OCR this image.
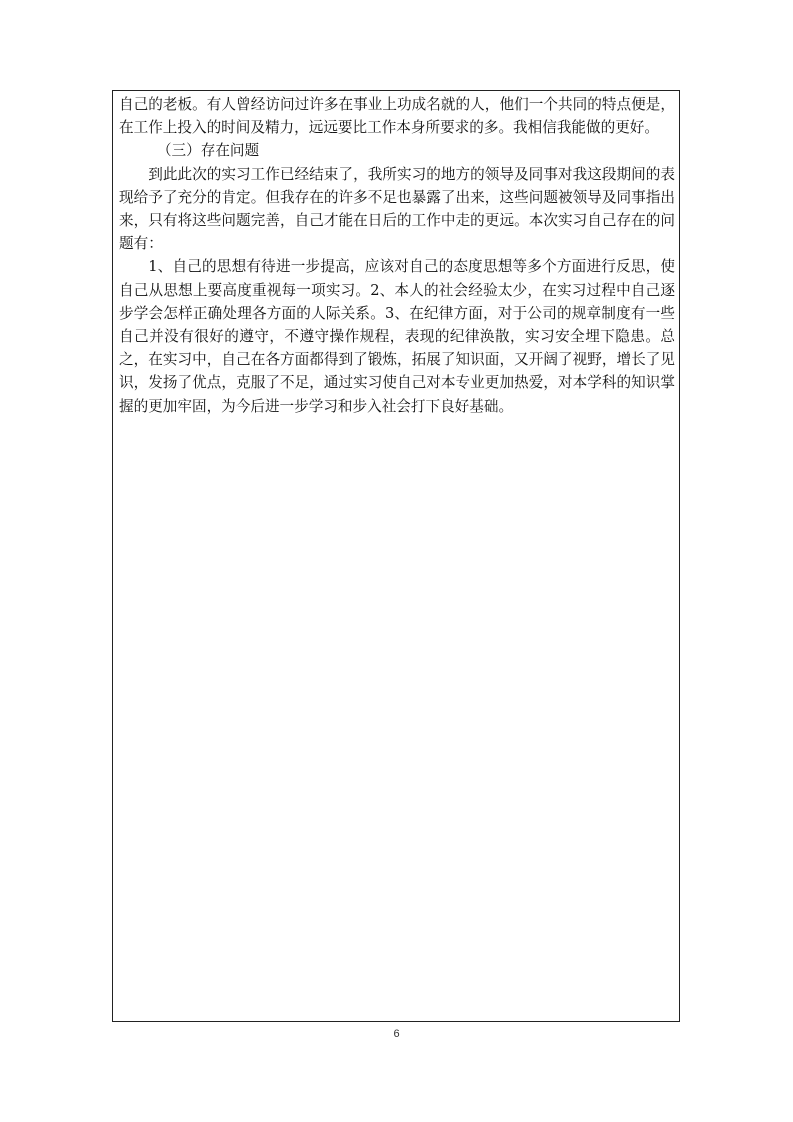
自己的老板。有人曾经访问过许多在事业上功成名就的人，他们一个共同的特点便是，在工作上投入的时间及精力，远远要比工作本身所要求的多。我相信我能做的更好。

（三）存在问题

到此此次的实习工作已经结束了，我所实习的地方的领导及同事对我这段期间的表现给予了充分的肯定。但我存在的许多不足也暴露了出来，这些问题被领导及同事指出来，只有将这些问题完善，自己才能在日后的工作中走的更远。本次实习自己存在的问题有：

1、自己的思想有待进一步提高，应该对自己的态度思想等多个方面进行反思，使自己从思想上要高度重视每一项实习。2、本人的社会经验太少，在实习过程中自己逐步学会怎样正确处理各方面的人际关系。3、在纪律方面，对于公司的规章制度有一些自己并没有很好的遵守，不遵守操作规程，表现的纪律涣散，实习安全埋下隐患。总之，在实习中，自己在各方面都得到了锻炼，拓展了知识面，又开阔了视野，增长了见识，发扬了优点，克服了不足，通过实习使自己对本专业更加热爱，对本学科的知识掌握的更加牢固，为今后进一步学习和步入社会打下良好基础。

6
